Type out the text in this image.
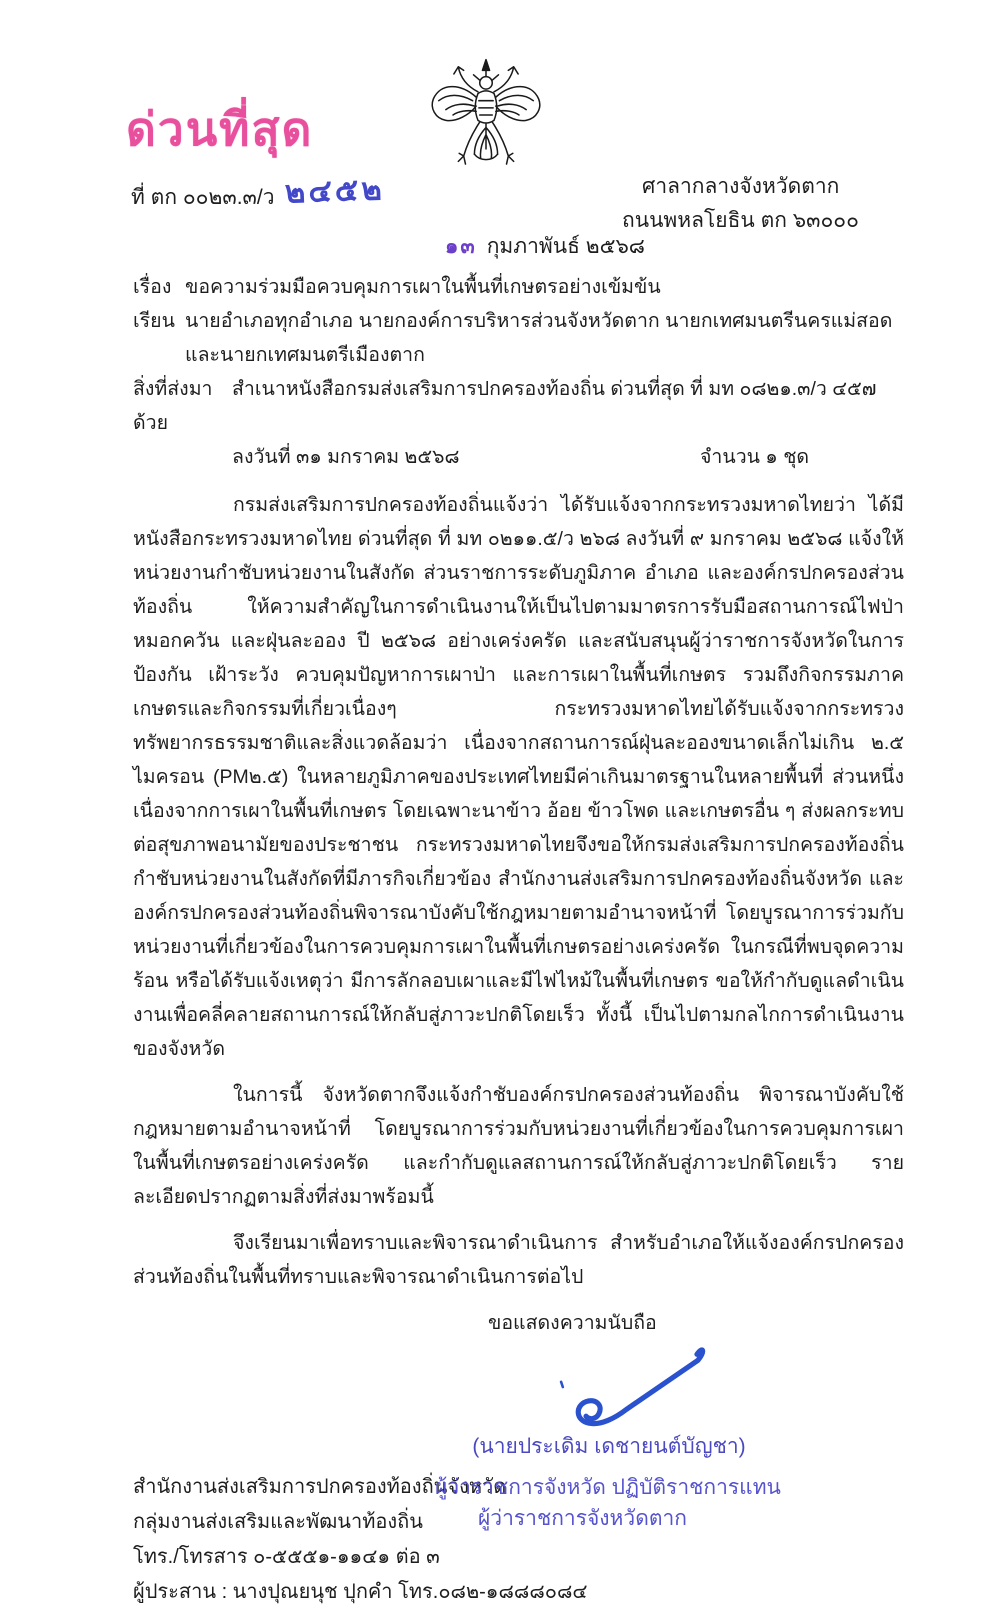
ด่วนที่สุด
ที่ ตก ๐๐๒๓.๓/ว ๒๔๕๒	ศาลากลางจังหวัดตาก
ถนนพหลโยธิน ตก ๖๓๐๐๐
๑๓ กุมภาพันธ์ ๒๕๖๘
เรื่อง ขอความร่วมมือควบคุมการเผาในพื้นที่เกษตรอย่างเข้มข้น
เรียน นายอำเภอทุกอำเภอ นายกองค์การบริหารส่วนจังหวัดตาก นายกเทศมนตรีนครแม่สอด
และนายกเทศมนตรีเมืองตาก
สิ่งที่ส่งมาด้วย
สำเนาหนังสือกรมส่งเสริมการปกครองท้องถิ่น ด่วนที่สุด ที่ มท ๐๘๒๑.๓/ว ๔๕๗
ลงวันที่ ๓๑ มกราคม ๒๕๖๘	จำนวน ๑ ชุด

กรมส่งเสริมการปกครองท้องถิ่นแจ้งว่า ได้รับแจ้งจากกระทรวงมหาดไทยว่า ได้มีหนังสือกระทรวงมหาดไทย ด่วนที่สุด ที่ มท ๐๒๑๑.๕/ว ๒๖๘ ลงวันที่ ๙ มกราคม ๒๕๖๘ แจ้งให้หน่วยงานกำชับหน่วยงานในสังกัด ส่วนราชการระดับภูมิภาค อำเภอ และองค์กรปกครองส่วนท้องถิ่น ให้ความสำคัญในการดำเนินงานให้เป็นไปตามมาตรการรับมือสถานการณ์ไฟป่า หมอกควัน และฝุ่นละออง ปี ๒๕๖๘ อย่างเคร่งครัด และสนับสนุนผู้ว่าราชการจังหวัดในการป้องกัน เฝ้าระวัง ควบคุมปัญหาการเผาป่า และการเผาในพื้นที่เกษตร รวมถึงกิจกรรมภาคเกษตรและกิจกรรมที่เกี่ยวเนื่องๆ กระทรวงมหาดไทยได้รับแจ้งจากกระทรวงทรัพยากรธรรมชาติและสิ่งแวดล้อมว่า เนื่องจากสถานการณ์ฝุ่นละอองขนาดเล็กไม่เกิน ๒.๕ ไมครอน (PM๒.๕) ในหลายภูมิภาคของประเทศไทยมีค่าเกินมาตรฐานในหลายพื้นที่ ส่วนหนึ่งเนื่องจากการเผาในพื้นที่เกษตร โดยเฉพาะนาข้าว อ้อย ข้าวโพด และเกษตรอื่น ๆ ส่งผลกระทบต่อสุขภาพอนามัยของประชาชน กระทรวงมหาดไทยจึงขอให้กรมส่งเสริมการปกครองท้องถิ่นกำชับหน่วยงานในสังกัดที่มีภารกิจเกี่ยวข้อง สำนักงานส่งเสริมการปกครองท้องถิ่นจังหวัด และองค์กรปกครองส่วนท้องถิ่นพิจารณาบังคับใช้กฎหมายตามอำนาจหน้าที่ โดยบูรณาการร่วมกับหน่วยงานที่เกี่ยวข้องในการควบคุมการเผาในพื้นที่เกษตรอย่างเคร่งครัด ในกรณีที่พบจุดความร้อน หรือได้รับแจ้งเหตุว่า มีการลักลอบเผาและมีไฟไหม้ในพื้นที่เกษตร ขอให้กำกับดูแลดำเนินงานเพื่อคลี่คลายสถานการณ์ให้กลับสู่ภาวะปกติโดยเร็ว ทั้งนี้ เป็นไปตามกลไกการดำเนินงานของจังหวัด

ในการนี้ จังหวัดตากจึงแจ้งกำชับองค์กรปกครองส่วนท้องถิ่น พิจารณาบังคับใช้กฎหมายตามอำนาจหน้าที่ โดยบูรณาการร่วมกับหน่วยงานที่เกี่ยวข้องในการควบคุมการเผาในพื้นที่เกษตรอย่างเคร่งครัด และกำกับดูแลสถานการณ์ให้กลับสู่ภาวะปกติโดยเร็ว รายละเอียดปรากฏตามสิ่งที่ส่งมาพร้อมนี้

จึงเรียนมาเพื่อทราบและพิจารณาดำเนินการ สำหรับอำเภอให้แจ้งองค์กรปกครองส่วนท้องถิ่นในพื้นที่ทราบและพิจารณาดำเนินการต่อไป

ขอแสดงความนับถือ
(นายประเดิม เดชายนต์บัญชา)
สำนักงานส่งเสริมการปกครองท้องถิ่นจังหวัด
กลุ่มงานส่งเสริมและพัฒนาท้องถิ่น
โทร./โทรสาร ๐-๕๕๕๑-๑๑๔๑ ต่อ ๓
ผู้ประสาน : นางปุณยนุช ปุกคำ โทร.๐๘๒-๑๘๘๘๐๘๔
ผู้ว่าราชการจังหวัด ปฏิบัติราชการแทน
ผู้ว่าราชการจังหวัดตาก
